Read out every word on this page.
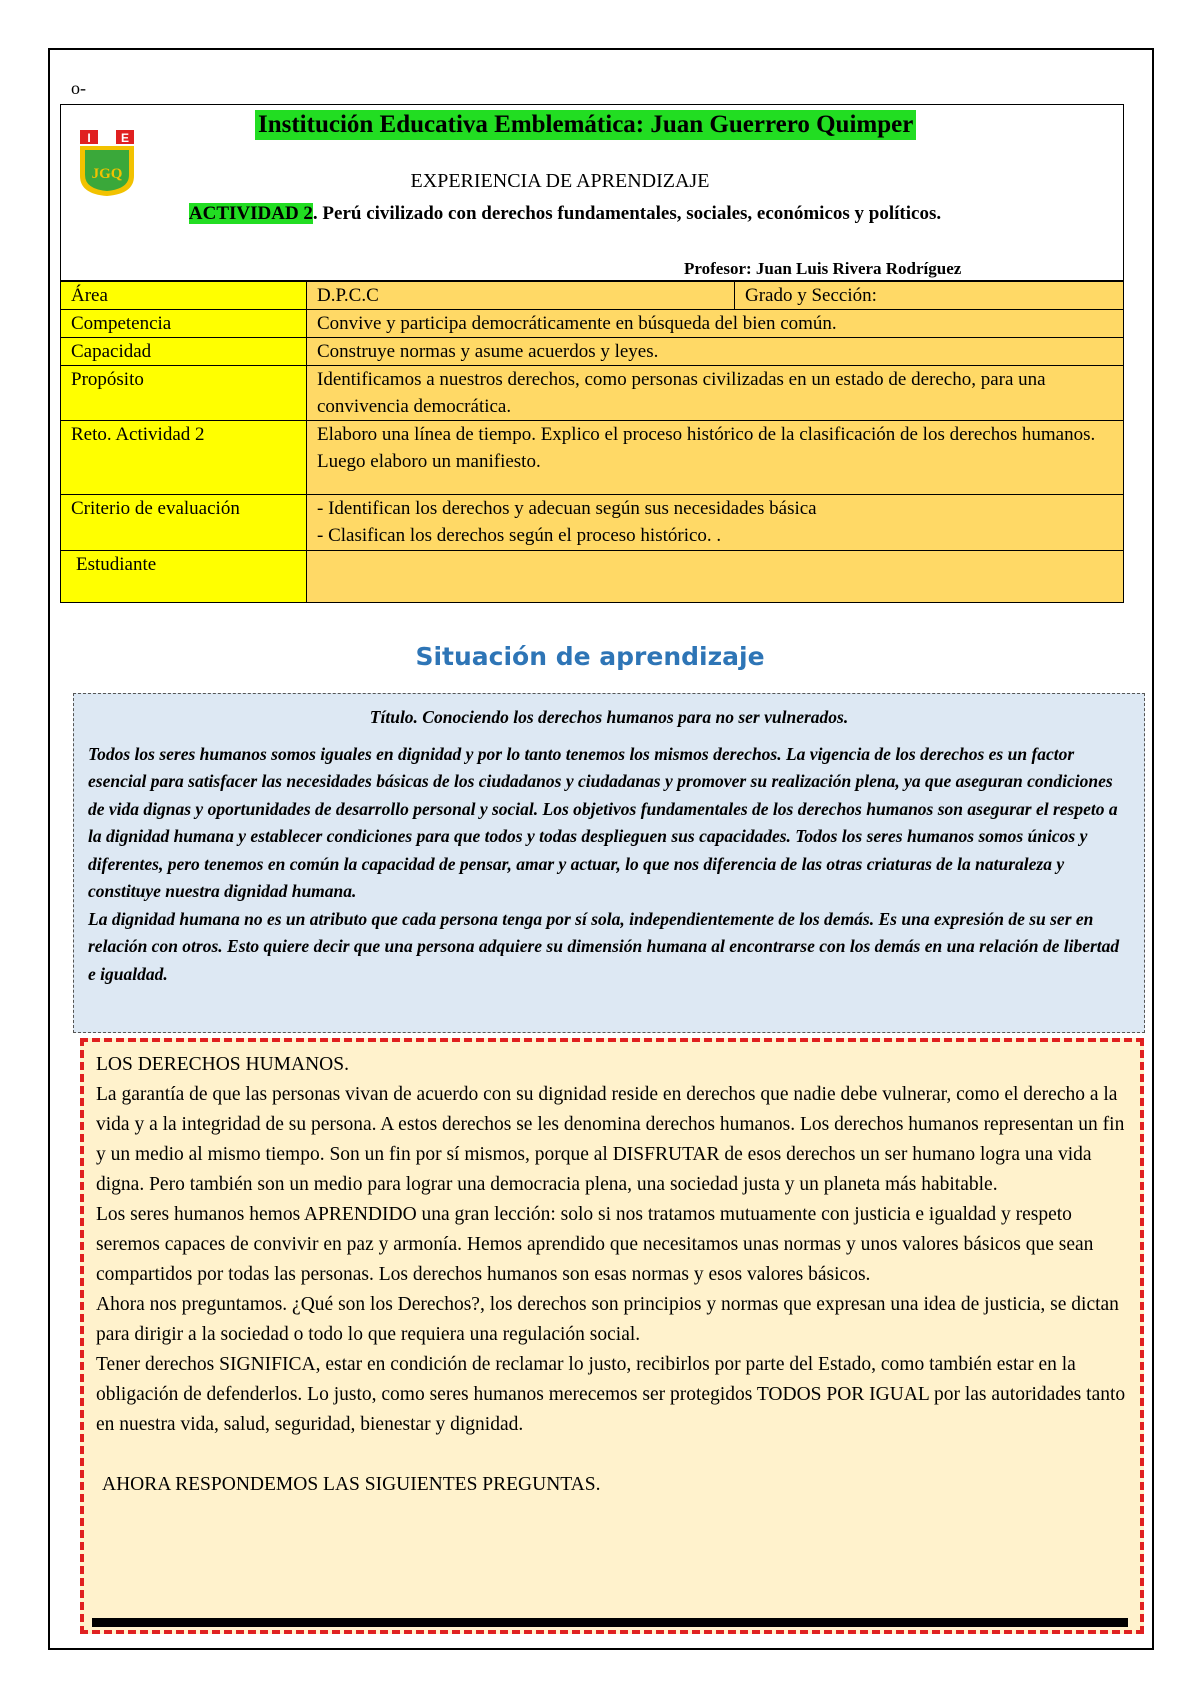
o-
I	E
JGQ
Institución Educativa Emblemática: Juan Guerrero Quimper
EXPERIENCIA DE APRENDIZAJE
ACTIVIDAD 2. Perú civilizado con derechos fundamentales, sociales, económicos y políticos.
Profesor: Juan Luis Rivera Rodríguez
Área	D.P.C.C	Grado y Sección:
Competencia	Convive y participa democráticamente en búsqueda del bien común.	
Capacidad	Construye normas y asume acuerdos y leyes.	
Propósito	Identificamos a nuestros derechos, como personas civilizadas en un estado de derecho, para una convivencia democrática.	
Reto. Actividad 2	Elaboro una línea de tiempo. Explico el proceso histórico de la clasificación de los derechos humanos. Luego elaboro un manifiesto.	
Criterio de evaluación	- Identifican los derechos y adecuan según sus necesidades básica
- Clasifican los derechos según el proceso histórico. .	

Estudiante		
Situación de aprendizaje
Título. Conociendo los derechos humanos para no ser vulnerados.
Todos los seres humanos somos iguales en dignidad y por lo tanto tenemos los mismos derechos. La vigencia de los derechos es un factor esencial para satisfacer las necesidades básicas de los ciudadanos y ciudadanas y promover su realización plena, ya que aseguran condiciones de vida dignas y oportunidades de desarrollo personal y social. Los objetivos fundamentales de los derechos humanos son asegurar el respeto a la dignidad humana y establecer condiciones para que todos y todas desplieguen sus capacidades. Todos los seres humanos somos únicos y diferentes, pero tenemos en común la capacidad de pensar, amar y actuar, lo que nos diferencia de las otras criaturas de la naturaleza y constituye nuestra dignidad humana.
La dignidad humana no es un atributo que cada persona tenga por sí sola, independientemente de los demás. Es una expresión de su ser en relación con otros. Esto quiere decir que una persona adquiere su dimensión humana al encontrarse con los demás en una relación de libertad e igualdad.
LOS DERECHOS HUMANOS.
La garantía de que las personas vivan de acuerdo con su dignidad reside en derechos que nadie debe vulnerar, como el derecho a la vida y a la integridad de su persona. A estos derechos se les denomina derechos humanos. Los derechos humanos representan un fin y un medio al mismo tiempo. Son un fin por sí mismos, porque al DISFRUTAR de esos derechos un ser humano logra una vida digna. Pero también son un medio para lograr una democracia plena, una sociedad justa y un planeta más habitable.
Los seres humanos hemos APRENDIDO una gran lección: solo si nos tratamos mutuamente con justicia e igualdad y respeto seremos capaces de convivir en paz y armonía. Hemos aprendido que necesitamos unas normas y unos valores básicos que sean compartidos por todas las personas. Los derechos humanos son esas normas y esos valores básicos.
Ahora nos preguntamos. ¿Qué son los Derechos?, los derechos son principios y normas que expresan una idea de justicia, se dictan para dirigir a la sociedad o todo lo que requiera una regulación social.
Tener derechos SIGNIFICA, estar en condición de reclamar lo justo, recibirlos por parte del Estado, como también estar en la obligación de defenderlos. Lo justo, como seres humanos merecemos ser protegidos TODOS POR IGUAL por las autoridades tanto en nuestra vida, salud, seguridad, bienestar y dignidad.
AHORA RESPONDEMOS LAS SIGUIENTES PREGUNTAS.
